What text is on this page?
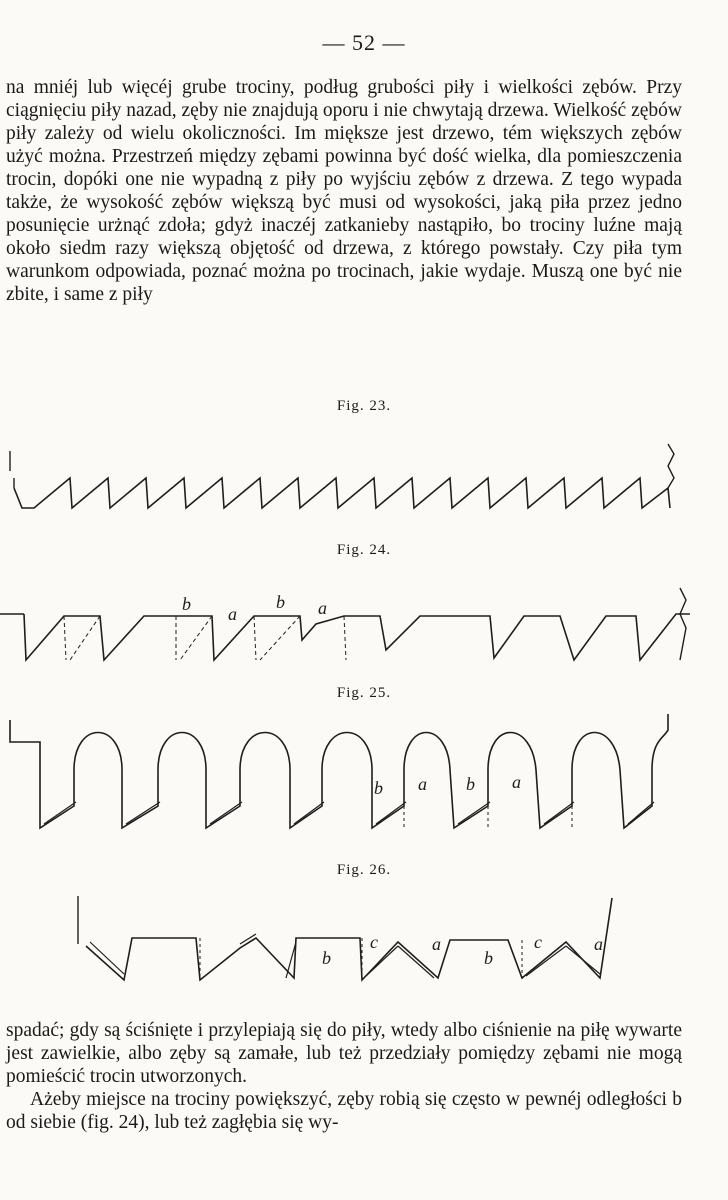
— 52 —

na mniéj lub więcéj grube trociny, podług grubości piły i wielkości zębów. Przy ciągnięciu piły nazad, zęby nie znajdują oporu i nie chwytają drzewa. Wielkość zębów piły zależy od wielu okoliczności. Im miększe jest drzewo, tém większych zębów użyć można. Przestrzeń między zębami powinna być dość wielka, dla pomieszczenia trocin, dopóki one nie wypadną z piły po wyjściu zębów z drzewa. Z tego wypada także, że wysokość zębów większą być musi od wysokości, jaką piła przez jedno posunięcie urżnąć zdoła; gdyż inaczéj zatkanieby nastąpiło, bo trociny luźne mają około siedm razy większą objętość od drzewa, z którego powstały. Czy piła tym warunkom odpowiada, poznać można po trocinach, jakie wydaje. Muszą one być nie zbite, i same z piły

Fig. 23.
Fig. 24.
b a
b a
Fig. 25.
b a b a
Fig. 26.
b
c	a
b
c	a

spadać; gdy są ściśnięte i przylepiają się do piły, wtedy albo ciśnienie na piłę wywarte jest zawielkie, albo zęby są zamałe, lub też przedziały pomiędzy zębami nie mogą pomieścić trocin utworzonych.

Ażeby miejsce na trociny powiększyć, zęby robią się często w pewnéj odległości b od siebie (fig. 24), lub też zagłębia się wy-
